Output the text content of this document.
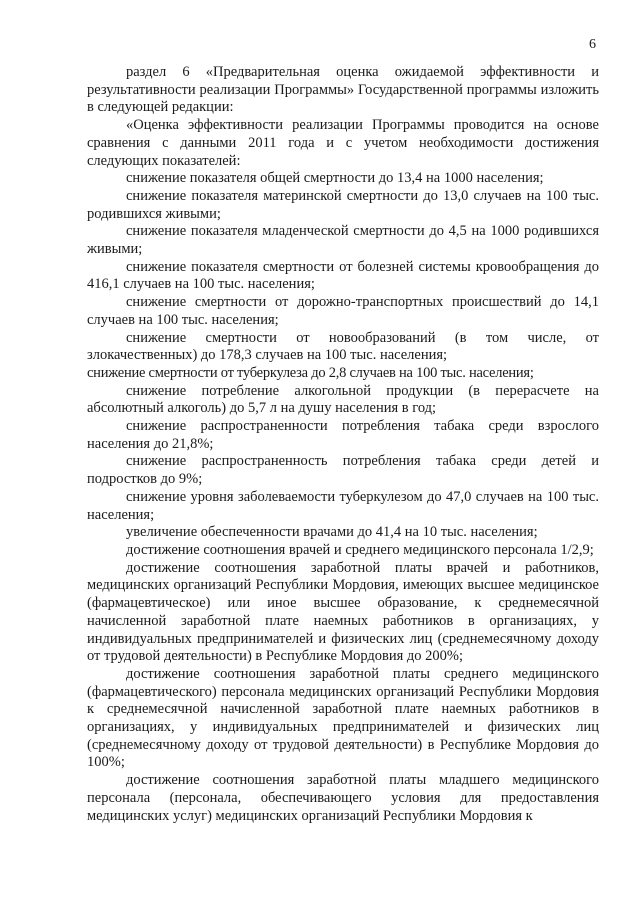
6

раздел 6 «Предварительная оценка ожидаемой эффективности и результативности реализации Программы» Государственной программы изложить в следующей редакции:

«Оценка эффективности реализации Программы проводится на основе сравнения с данными 2011 года и с учетом необходимости достижения следующих показателей:

снижение показателя общей смертности до 13,4 на 1000 населения;

снижение показателя материнской смертности до 13,0 случаев на 100 тыс. родившихся живыми;

снижение показателя младенческой смертности до 4,5 на 1000 родившихся живыми;

снижение показателя смертности от болезней системы кровообращения до 416,1 случаев на 100 тыс. населения;

снижение смертности от дорожно-транспортных происшествий до 14,1 случаев на 100 тыс. населения;

снижение смертности от новообразований (в том числе, от злокачественных) до 178,3 случаев на 100 тыс. населения;

снижение смертности от туберкулеза до 2,8 случаев на 100 тыс. населения;

снижение потребление алкогольной продукции (в перерасчете на абсолютный алкоголь) до 5,7 л на душу населения в год;

снижение распространенности потребления табака среди взрослого населения до 21,8%;

снижение распространенность потребления табака среди детей и подростков до 9%;

снижение уровня заболеваемости туберкулезом до 47,0 случаев на 100 тыс. населения;

увеличение обеспеченности врачами до 41,4 на 10 тыс. населения;

достижение соотношения врачей и среднего медицинского персонала 1/2,9;

достижение соотношения заработной платы врачей и работников, медицинских организаций Республики Мордовия, имеющих высшее медицинское (фармацевтическое) или иное высшее образование, к среднемесячной начисленной заработной плате наемных работников в организациях, у индивидуальных предпринимателей и физических лиц (среднемесячному доходу от трудовой деятельности) в Республике Мордовия до 200%;

достижение соотношения заработной платы среднего медицинского (фармацевтического) персонала медицинских организаций Республики Мордовия к среднемесячной начисленной заработной плате наемных работников в организациях, у индивидуальных предпринимателей и физических лиц (среднемесячному доходу от трудовой деятельности) в Республике Мордовия до 100%;

достижение соотношения заработной платы младшего медицинского персонала (персонала, обеспечивающего условия для предоставления медицинских услуг) медицинских организаций Республики Мордовия к
